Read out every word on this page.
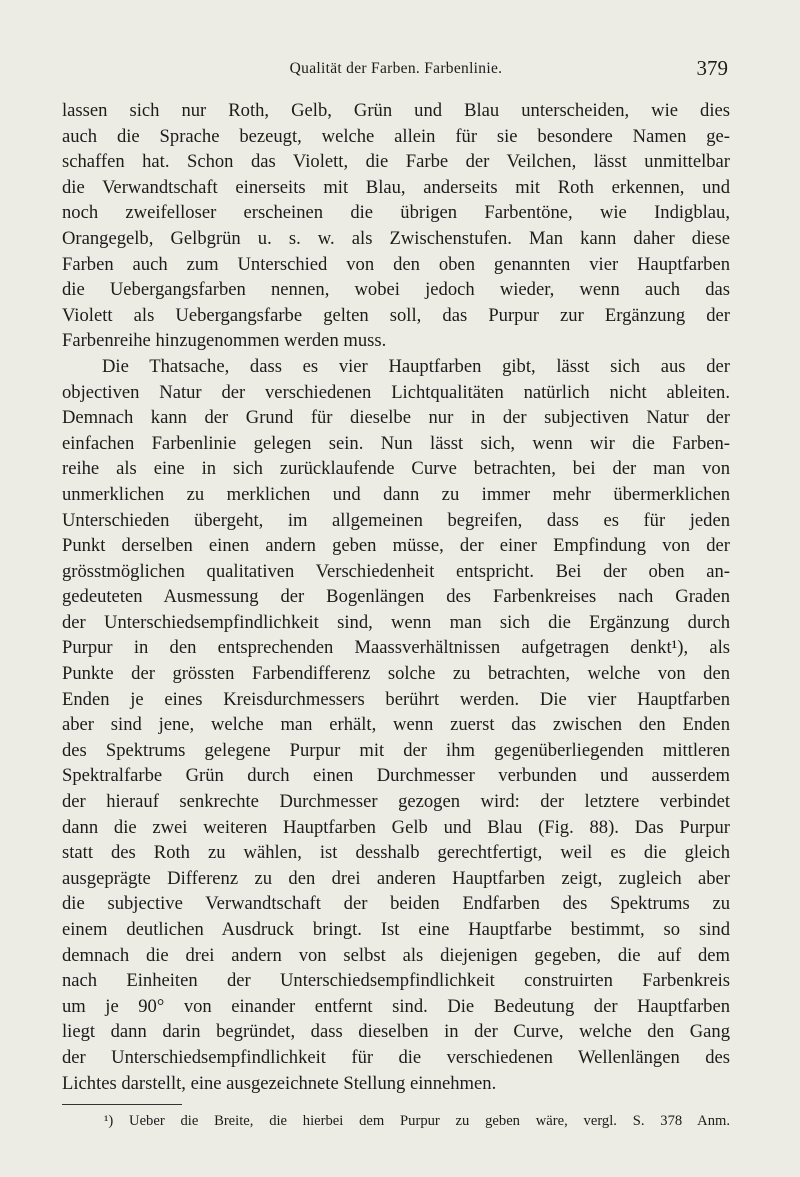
Qualität der Farben. Farbenlinie.	379
lassen sich nur Roth, Gelb, Grün und Blau unterscheiden, wie dies
auch die Sprache bezeugt, welche allein für sie besondere Namen ge-
schaffen hat. Schon das Violett, die Farbe der Veilchen, lässt unmittelbar
die Verwandtschaft einerseits mit Blau, anderseits mit Roth erkennen, und
noch zweifelloser erscheinen die übrigen Farbentöne, wie Indigblau,
Orangegelb, Gelbgrün u. s. w. als Zwischenstufen. Man kann daher diese
Farben auch zum Unterschied von den oben genannten vier Hauptfarben
die Uebergangsfarben nennen, wobei jedoch wieder, wenn auch das
Violett als Uebergangsfarbe gelten soll, das Purpur zur Ergänzung der
Farbenreihe hinzugenommen werden muss.
Die Thatsache, dass es vier Hauptfarben gibt, lässt sich aus der
objectiven Natur der verschiedenen Lichtqualitäten natürlich nicht ableiten.
Demnach kann der Grund für dieselbe nur in der subjectiven Natur der
einfachen Farbenlinie gelegen sein. Nun lässt sich, wenn wir die Farben-
reihe als eine in sich zurücklaufende Curve betrachten, bei der man von
unmerklichen zu merklichen und dann zu immer mehr übermerklichen
Unterschieden übergeht, im allgemeinen begreifen, dass es für jeden
Punkt derselben einen andern geben müsse, der einer Empfindung von der
grösstmöglichen qualitativen Verschiedenheit entspricht. Bei der oben an-
gedeuteten Ausmessung der Bogenlängen des Farbenkreises nach Graden
der Unterschiedsempfindlichkeit sind, wenn man sich die Ergänzung durch
Purpur in den entsprechenden Maassverhältnissen aufgetragen denkt¹), als
Punkte der grössten Farbendifferenz solche zu betrachten, welche von den
Enden je eines Kreisdurchmessers berührt werden. Die vier Hauptfarben
aber sind jene, welche man erhält, wenn zuerst das zwischen den Enden
des Spektrums gelegene Purpur mit der ihm gegenüberliegenden mittleren
Spektralfarbe Grün durch einen Durchmesser verbunden und ausserdem
der hierauf senkrechte Durchmesser gezogen wird: der letztere verbindet
dann die zwei weiteren Hauptfarben Gelb und Blau (Fig. 88). Das Purpur
statt des Roth zu wählen, ist desshalb gerechtfertigt, weil es die gleich
ausgeprägte Differenz zu den drei anderen Hauptfarben zeigt, zugleich aber
die subjective Verwandtschaft der beiden Endfarben des Spektrums zu
einem deutlichen Ausdruck bringt. Ist eine Hauptfarbe bestimmt, so sind
demnach die drei andern von selbst als diejenigen gegeben, die auf dem
nach Einheiten der Unterschiedsempfindlichkeit construirten Farbenkreis
um je 90° von einander entfernt sind. Die Bedeutung der Hauptfarben
liegt dann darin begründet, dass dieselben in der Curve, welche den Gang
der Unterschiedsempfindlichkeit für die verschiedenen Wellenlängen des
Lichtes darstellt, eine ausgezeichnete Stellung einnehmen.
¹) Ueber die Breite, die hierbei dem Purpur zu geben wäre, vergl. S. 378 Anm.
